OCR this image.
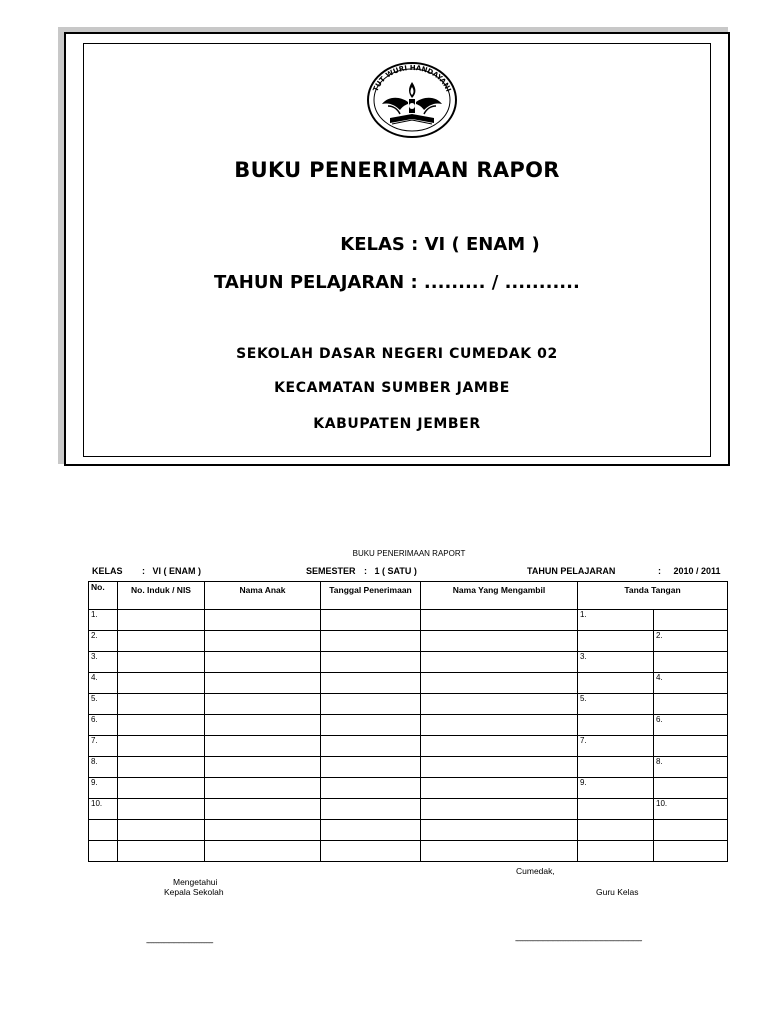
TUT WURI HANDAYANI
BUKU PENERIMAAN RAPOR
KELAS : VI ( ENAM )
TAHUN PELAJARAN : ......... / ...........
SEKOLAH DASAR NEGERI CUMEDAK 02
KECAMATAN SUMBER JAMBE
KABUPATEN JEMBER
BUKU PENERIMAAN RAPORT
KELAS :   VI ( ENAM )	SEMESTER :   1 ( SATU )	TAHUN PELAJARAN	:     2010 / 2011
No.	No. Induk / NIS	Nama Anak	Tanggal Penerimaan	Nama Yang Mengambil	Tanda Tangan	
1.					1.	
2.						2.
3.					3.	
4.						4.
5.					5.	
6.						6.
7.					7.	
8.						8.
9.					9.	
10.						10.

Mengetahui
Kepala Sekolah
Cumedak,
Guru Kelas
----------------------------------------	----------------------------------------------------------------------------
